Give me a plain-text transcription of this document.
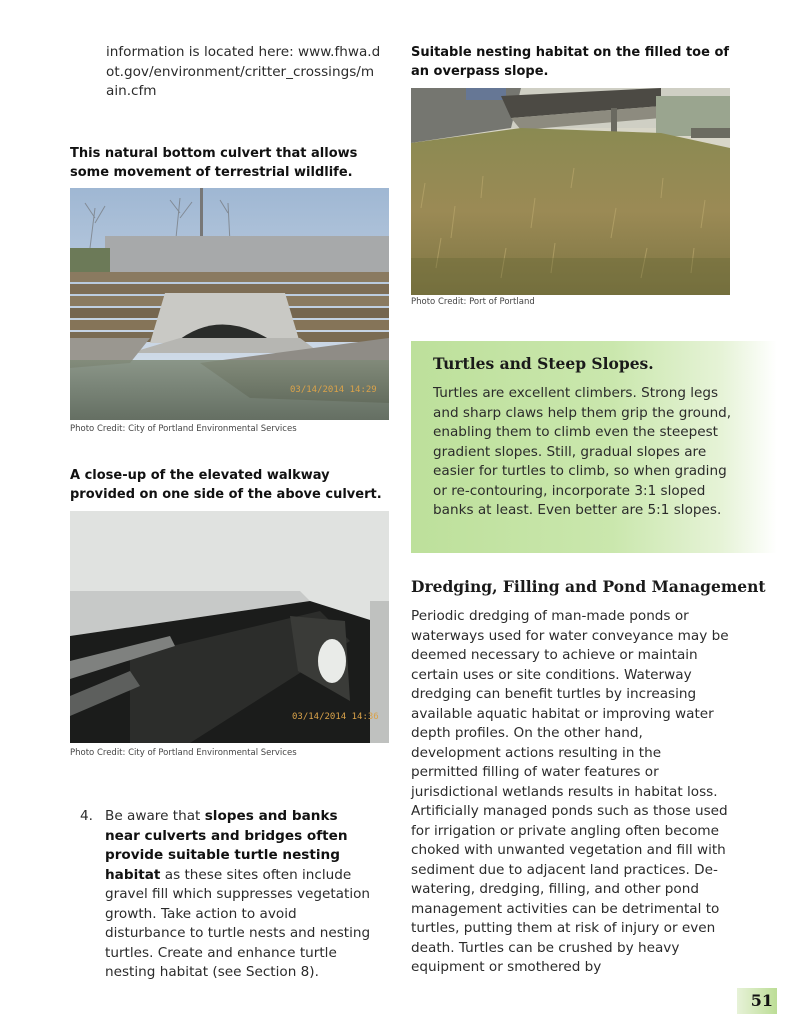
information is located here: www.fhwa.dot.gov/environment/critter_crossings/main.cfm
This natural bottom culvert that allows some movement of terrestrial wildlife.
03/14/2014 14:29
Photo Credit: City of Portland Environmental Services
A close-up of the elevated walkway provided on one side of the above culvert.
03/14/2014 14:36
Photo Credit: City of Portland Environmental Services
4. Be aware that slopes and banks near culverts and bridges often provide suitable turtle nesting habitat as these sites often include gravel fill which suppresses vegetation growth. Take action to avoid disturbance to turtle nests and nesting turtles. Create and enhance turtle nesting habitat (see Section 8).
Suitable nesting habitat on the filled toe of an overpass slope.
Photo Credit: Port of Portland
Turtles and Steep Slopes.
Turtles are excellent climbers. Strong legs and sharp claws help them grip the ground, enabling them to climb even the steepest gradient slopes. Still, gradual slopes are easier for turtles to climb, so when grading or re-contouring, incorporate 3:1 sloped banks at least. Even better are 5:1 slopes.
Dredging, Filling and Pond Management
Periodic dredging of man-made ponds or waterways used for water conveyance may be deemed necessary to achieve or maintain certain uses or site conditions. Waterway dredging can benefit turtles by increasing available aquatic habitat or improving water depth profiles. On the other hand, development actions resulting in the permitted filling of water features or jurisdictional wetlands results in habitat loss. Artificially managed ponds such as those used for irrigation or private angling often become choked with unwanted vegetation and fill with sediment due to adjacent land practices. De-watering, dredging, filling, and other pond management activities can be detrimental to turtles, putting them at risk of injury or even death. Turtles can be crushed by heavy equipment or smothered by
51
